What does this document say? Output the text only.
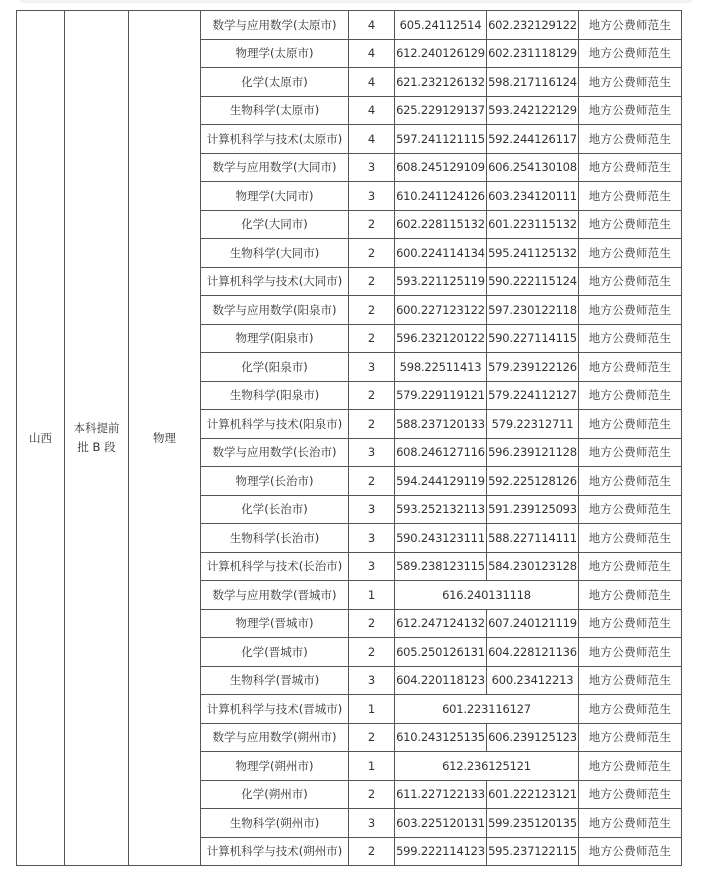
山西	本科提前批 B 段	物理	数学与应用数学(太原市)	4	605.24112514	602.232129122	地方公费师范生
			物理学(太原市)	4	612.240126129	602.231118129	地方公费师范生
			化学(太原市)	4	621.232126132	598.217116124	地方公费师范生
			生物科学(太原市)	4	625.229129137	593.242122129	地方公费师范生
			计算机科学与技术(太原市)	4	597.241121115	592.244126117	地方公费师范生
			数学与应用数学(大同市)	3	608.245129109	606.254130108	地方公费师范生
			物理学(大同市)	3	610.241124126	603.234120111	地方公费师范生
			化学(大同市)	2	602.228115132	601.223115132	地方公费师范生
			生物科学(大同市)	2	600.224114134	595.241125132	地方公费师范生
			计算机科学与技术(大同市)	2	593.221125119	590.222115124	地方公费师范生
			数学与应用数学(阳泉市)	2	600.227123122	597.230122118	地方公费师范生
			物理学(阳泉市)	2	596.232120122	590.227114115	地方公费师范生
			化学(阳泉市)	3	598.22511413	579.239122126	地方公费师范生
			生物科学(阳泉市)	2	579.229119121	579.224112127	地方公费师范生
			计算机科学与技术(阳泉市)	2	588.237120133	579.22312711	地方公费师范生
			数学与应用数学(长治市)	3	608.246127116	596.239121128	地方公费师范生
			物理学(长治市)	2	594.244129119	592.225128126	地方公费师范生
			化学(长治市)	3	593.252132113	591.239125093	地方公费师范生
			生物科学(长治市)	3	590.243123111	588.227114111	地方公费师范生
			计算机科学与技术(长治市)	3	589.238123115	584.230123128	地方公费师范生
			数学与应用数学(晋城市)	1	616.240131118		地方公费师范生
			物理学(晋城市)	2	612.247124132	607.240121119	地方公费师范生
			化学(晋城市)	2	605.250126131	604.228121136	地方公费师范生
			生物科学(晋城市)	3	604.220118123	600.23412213	地方公费师范生
			计算机科学与技术(晋城市)	1	601.223116127		地方公费师范生
			数学与应用数学(朔州市)	2	610.243125135	606.239125123	地方公费师范生
			物理学(朔州市)	1	612.236125121		地方公费师范生
			化学(朔州市)	2	611.227122133	601.222123121	地方公费师范生
			生物科学(朔州市)	3	603.225120131	599.235120135	地方公费师范生
			计算机科学与技术(朔州市)	2	599.222114123	595.237122115	地方公费师范生
